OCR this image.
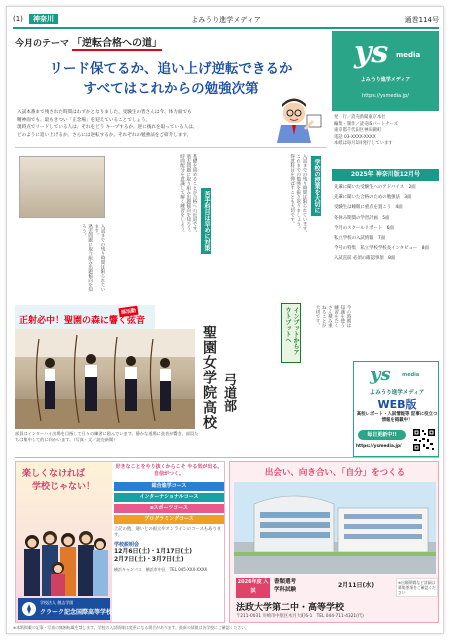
(1)	神奈川	よみうり進学メディア	通巻114号
今月のテーマ 「逆転合格への道」
リード保てるか、追い上げ逆転できるか
すべてはこれからの勉強次第
入試本番まで残された時間はわずかとなりました。受験生の皆さんは今、体力面でも
精神面でも、最もきつい「正念場」を迎えていることでしょう。
現時点でリードしている人は、それをどう キープするか。逆に後れを取っている人は、
どのように追い上げるか。さらには逆転するか。それぞれの勉強法をご紹介します。
学校の授業を大切に
入試までの残り時間は限られています。
これまでの勉強を振り返りましょう。
得意科目を伸ばすことも大切です。
苦手科目は早めに対策
基礎を固めることが合格への近道です。
過去問題に取り組み出題傾向を知ろう。
時間配分を意識して解く練習をしよう。
入試までの残り時間は限られています。
過去問題に取り組み出題傾向を知ろう。
ys media
よみうり進学メディア
https://ysmedia.jp/
発　行／読売新聞東京本社
編集・制作／読売ISパートナーズ
東京都千代田区神田錦町
電話 03-XXXX-XXXX
本紙は毎月1回発行しています
2025年 神奈川版12月号
先輩に聞いた受験生へのアドバイス　2面
先輩に聞いた合格のための勉強法　3面
受験生は睡眠に重点を置こう　4面
冬休み期間の学習計画　5面
今月のスクールリポート　6面
私立学校の入試情報　7面
今号の特集　私立学校学校長インタビュー　8面
入試直前 必須の確認事項　8面
インプットからアウトプットへ	今の時期は
知識を使う
練習をたく
さん積み重
ねることが
大切です。
正射必中！聖園の森に響く弦音
部活動
部員はインターハイ出場を目指して日々の練習に励んでいます。静かな道場に弦音が響き、部員たちは集中して的に向かいます。（写真・文／読売新聞）
聖園女学院高校 弓道部	ys media
よみうり進学メディア
WEB版
高校レポート・入試情報等 記事に役立つ情報を掲載中！
毎日更新中!!
https://ysmedia.jp/
楽しくなければ
学校じゃない！
学校法人 創志学園
クラーク記念国際高等学校
好きなことをやり抜くからこそ やる気が出る。自信がつく。
総合進学コース
インターナショナルコース
eスポーツコース
プログラミングコース
上記の他、通いとの両立やオンラインのコースもあります。
学校説明会
12月6日(土)・1月17日(土)
2月7日(土)・3月7日(土)
横浜キャンパス　横浜市中区　TEL 045-XXX-XXXX
出会い、向き合い、「自分」をつくる
2026年度 入試
書類選考
学科試験
2月11日(水)	※出願期間など詳細は募集要項をご確認ください
法政大学第二中・高等学校
〒211-0031 川崎市中原区木月大町6-1　TEL 044-711-4321(代)
※本紙掲載の記事・写真の無断転載を禁じます。学校の入試情報は変更になる場合があります。最新の情報は各学校にご確認ください。
